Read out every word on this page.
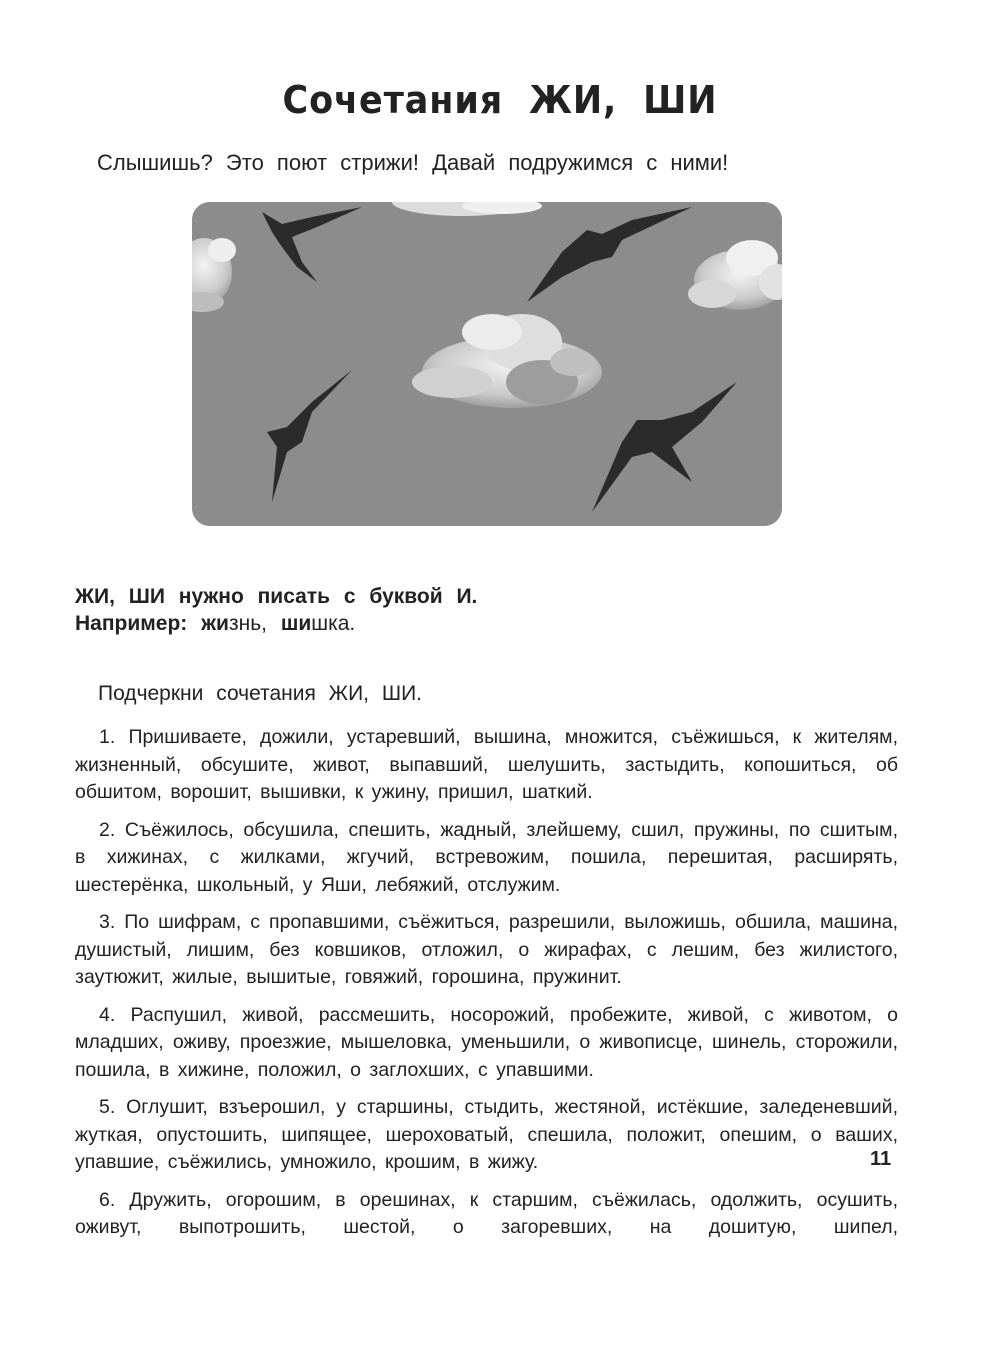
Сочетания ЖИ, ШИ

Слышишь? Это поют стрижи! Давай подружимся с ними!

ЖИ, ШИ нужно писать с буквой И.
Например: жизнь, шишка.

Подчеркни сочетания ЖИ, ШИ.

1. Пришиваете, дожили, устаревший, вышина, множится, съёжишься, к жителям, жизненный, обсушите, живот, выпавший, шелушить, застыдить, копошиться, об обшитом, ворошит, вышивки, к ужину, пришил, шаткий.
2. Съёжилось, обсушила, спешить, жадный, злейшему, сшил, пружины, по сшитым, в хижинах, с жилками, жгучий, встревожим, пошила, перешитая, расширять, шестерёнка, школьный, у Яши, лебяжий, отслужим.
3. По шифрам, с пропавшими, съёжиться, разрешили, выложишь, обшила, машина, душистый, лишим, без ковшиков, отложил, о жирафах, с лешим, без жилистого, заутюжит, жилые, вышитые, говяжий, горошина, пружинит.
4. Распушил, живой, рассмешить, носорожий, пробежите, живой, с животом, о младших, оживу, проезжие, мышеловка, уменьшили, о живописце, шинель, сторожили, пошила, в хижине, положил, о заглохших, с упавшими.
5. Оглушит, взъерошил, у старшины, стыдить, жестяной, истёкшие, заледеневший, жуткая, опустошить, шипящее, шероховатый, спешила, положит, опешим, о ваших, упавшие, съёжились, умножило, крошим, в жижу.
6. Дружить, огорошим, в орешинах, к старшим, съёжилась, одолжить, осушить, оживут, выпотрошить, шестой, о загоревших, на дошитую, шипел,
11
